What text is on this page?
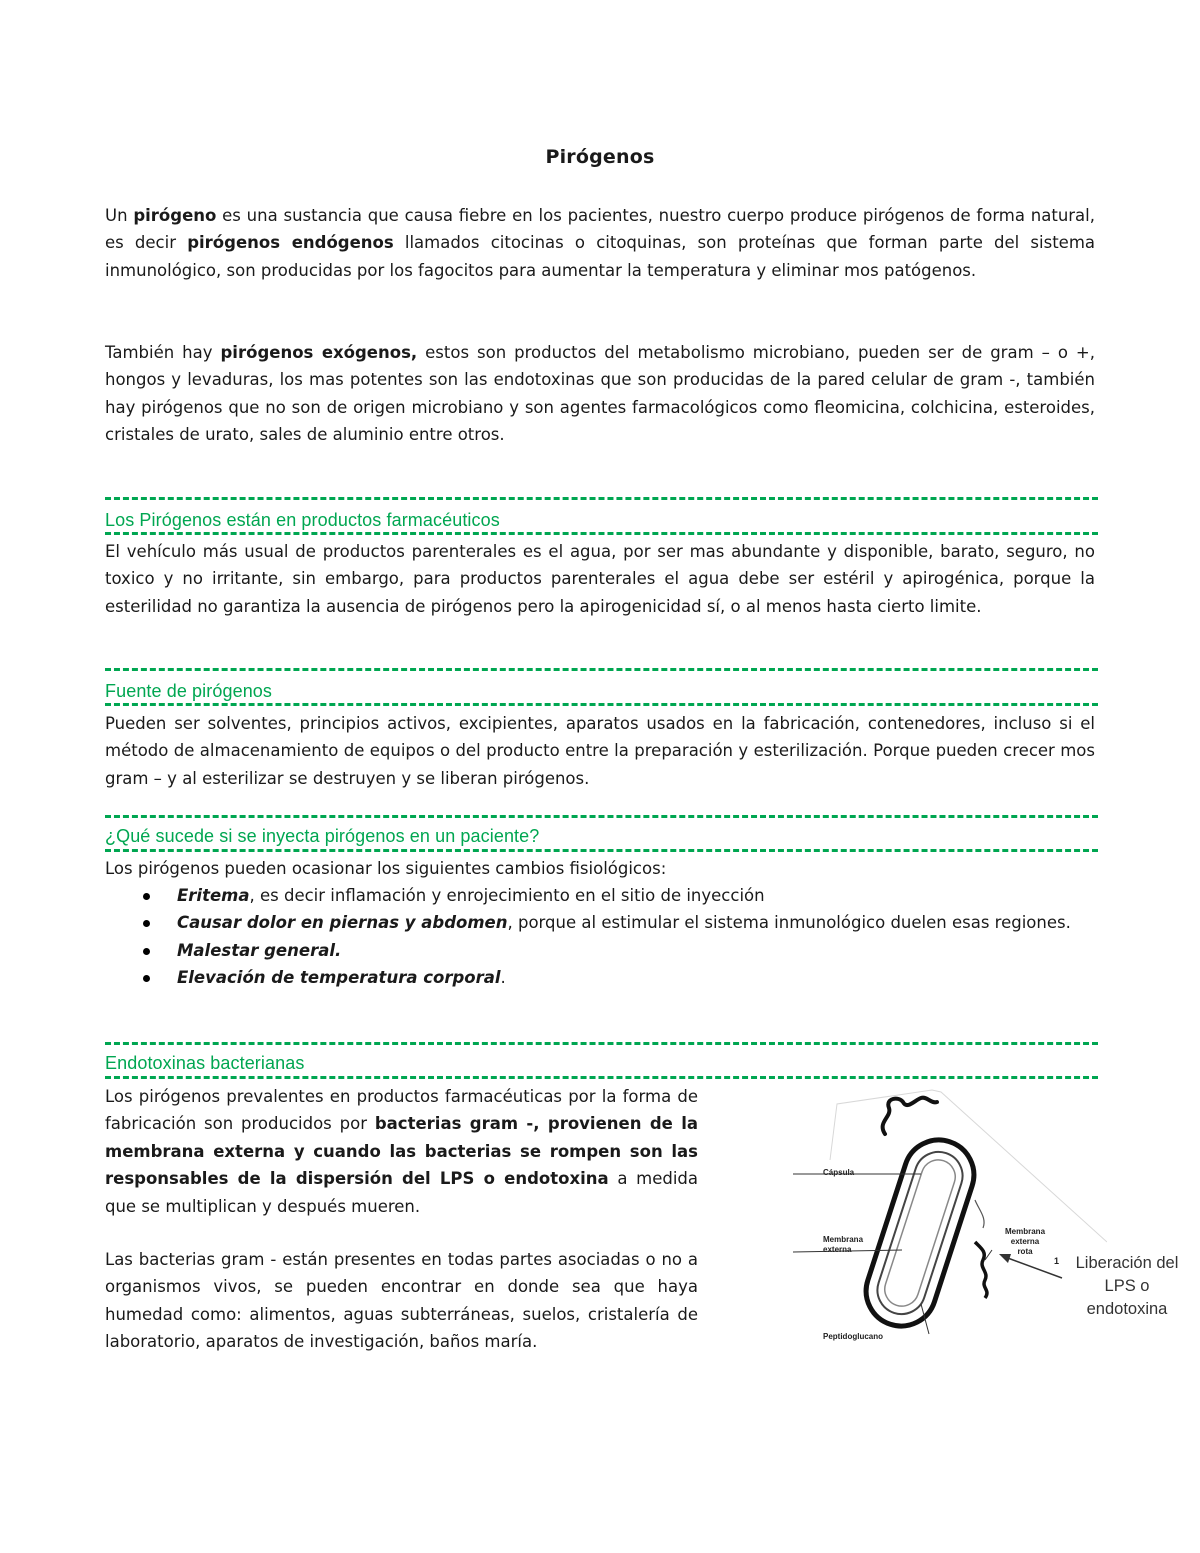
Pirógenos
Un pirógeno es una sustancia que causa fiebre en los pacientes, nuestro cuerpo produce pirógenos de forma natural, es decir pirógenos endógenos llamados citocinas o citoquinas, son proteínas que forman parte del sistema inmunológico, son producidas por los fagocitos para aumentar la temperatura y eliminar mos patógenos.
También hay pirógenos exógenos, estos son productos del metabolismo microbiano, pueden ser de gram – o +, hongos y levaduras, los mas potentes son las endotoxinas que son producidas de la pared celular de gram -, también hay pirógenos que no son de origen microbiano y son agentes farmacológicos como fleomicina, colchicina, esteroides, cristales de urato, sales de aluminio entre otros.
Los Pirógenos están en productos farmacéuticos
El vehículo más usual de productos parenterales es el agua, por ser mas abundante y disponible, barato, seguro, no toxico y no irritante, sin embargo, para productos parenterales el agua debe ser estéril y apirogénica, porque la esterilidad no garantiza la ausencia de pirógenos pero la apirogenicidad sí, o al menos hasta cierto limite.
Fuente de pirógenos
Pueden ser solventes, principios activos, excipientes, aparatos usados en la fabricación, contenedores, incluso si el método de almacenamiento de equipos o del producto entre la preparación y esterilización. Porque pueden crecer mos gram – y al esterilizar se destruyen y se liberan pirógenos.
¿Qué sucede si se inyecta pirógenos en un paciente?
Los pirógenos pueden ocasionar los siguientes cambios fisiológicos:
Eritema, es decir inflamación y enrojecimiento en el sitio de inyección
Causar dolor en piernas y abdomen, porque al estimular el sistema inmunológico duelen esas regiones.
Malestar general.
Elevación de temperatura corporal.
Endotoxinas bacterianas
Los pirógenos prevalentes en productos farmacéuticas por la forma de fabricación son producidos por bacterias gram -, provienen de la membrana externa y cuando las bacterias se rompen son las responsables de la dispersión del LPS o endotoxina a medida que se multiplican y después mueren.
Las bacterias gram - están presentes en todas partes asociadas o no a organismos vivos, se pueden encontrar en donde sea que haya humedad como: alimentos, aguas subterráneas, suelos, cristalería de laboratorio, aparatos de investigación, baños maría.
Cápsula
Membrana
externa
Peptidoglucano
Membrana
externa
rota
1	Liberación del
LPS o
endotoxina
